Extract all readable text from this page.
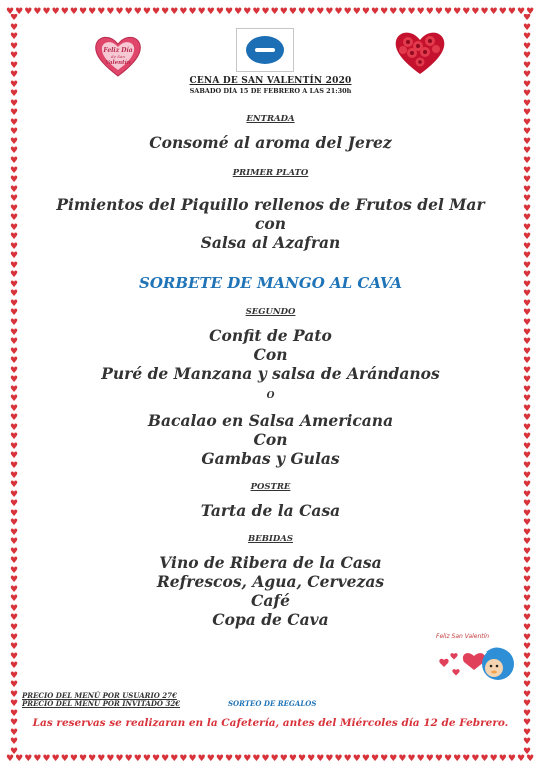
♥ ♥ ♥ ♥ ♥ ♥ ♥ ♥ ♥ ♥ ♥ ♥ ♥ ♥ ♥ ♥ ♥ ♥ ♥ ♥ ♥ ♥ ♥ ♥ ♥ ♥ ♥ ♥ ♥ ♥ ♥ ♥ ♥ ♥ ♥ ♥ ♥ ♥ ♥ ♥ ♥ ♥ ♥ ♥ ♥ ♥ ♥ ♥ ♥ ♥ ♥ ♥ ♥ ♥ ♥ ♥ ♥ ♥
♥ ♥ ♥ ♥ ♥ ♥ ♥ ♥ ♥ ♥ ♥ ♥ ♥ ♥ ♥ ♥ ♥ ♥ ♥ ♥ ♥ ♥ ♥ ♥ ♥ ♥ ♥ ♥ ♥ ♥ ♥ ♥ ♥ ♥ ♥ ♥ ♥ ♥ ♥ ♥ ♥ ♥ ♥ ♥ ♥ ♥ ♥ ♥ ♥ ♥ ♥ ♥ ♥ ♥ ♥ ♥ ♥ ♥
♥
♥
♥
♥
♥
♥
♥
♥
♥
♥
♥
♥
♥
♥
♥
♥
♥
♥
♥
♥
♥
♥
♥
♥
♥
♥
♥
♥
♥
♥
♥
♥
♥
♥
♥
♥
♥
♥
♥
♥
♥
♥
♥
♥
♥
♥
♥
♥
♥
♥
♥
♥
♥
♥
♥
♥
♥
♥
♥
♥
♥
♥
♥
♥
♥
♥
♥
♥
♥
♥
♥
♥
♥
♥
♥
♥
♥
♥
♥
♥
♥
♥
♥
♥
♥
♥
♥
♥
♥
♥
♥
♥
♥
♥
♥
♥
♥
♥
♥
♥
♥
♥
♥
♥
♥
♥
♥
♥
♥
♥
♥
♥
♥
♥
♥
♥
♥
♥
♥
♥
♥
♥
♥
♥
♥
♥
♥
♥
♥
♥
♥
♥
♥
♥
♥
♥
♥
♥
♥
♥
♥
♥
♥
♥
♥
♥
♥
♥
♥
♥
♥
♥
♥
♥
♥
♥
Feliz Día
de San
Valentín
CENA DE SAN VALENTÍN 2020
SABADO DÍA 15 DE FEBRERO A LAS 21:30h
ENTRADA
Consomé al aroma del Jerez
PRIMER PLATO
Pimientos del Piquillo rellenos de Frutos del Mar
con
Salsa al Azafran
SORBETE DE MANGO AL CAVA
SEGUNDO
Confit de Pato
Con
Puré de Manzana y salsa de Arándanos
O
Bacalao en Salsa Americana
Con
Gambas y Gulas
POSTRE
Tarta de la Casa
BEBIDAS
Vino de Ribera de la Casa
Refrescos, Agua, Cervezas
Café
Copa de Cava
Feliz San Valentín
PRECIO DEL MENÚ POR USUARIO 27€
PRECIO DEL MENÚ POR INVITADO 32€	SORTEO DE REGALOS
Las reservas se realizaran en la Cafetería, antes del Miércoles día 12 de Febrero.
